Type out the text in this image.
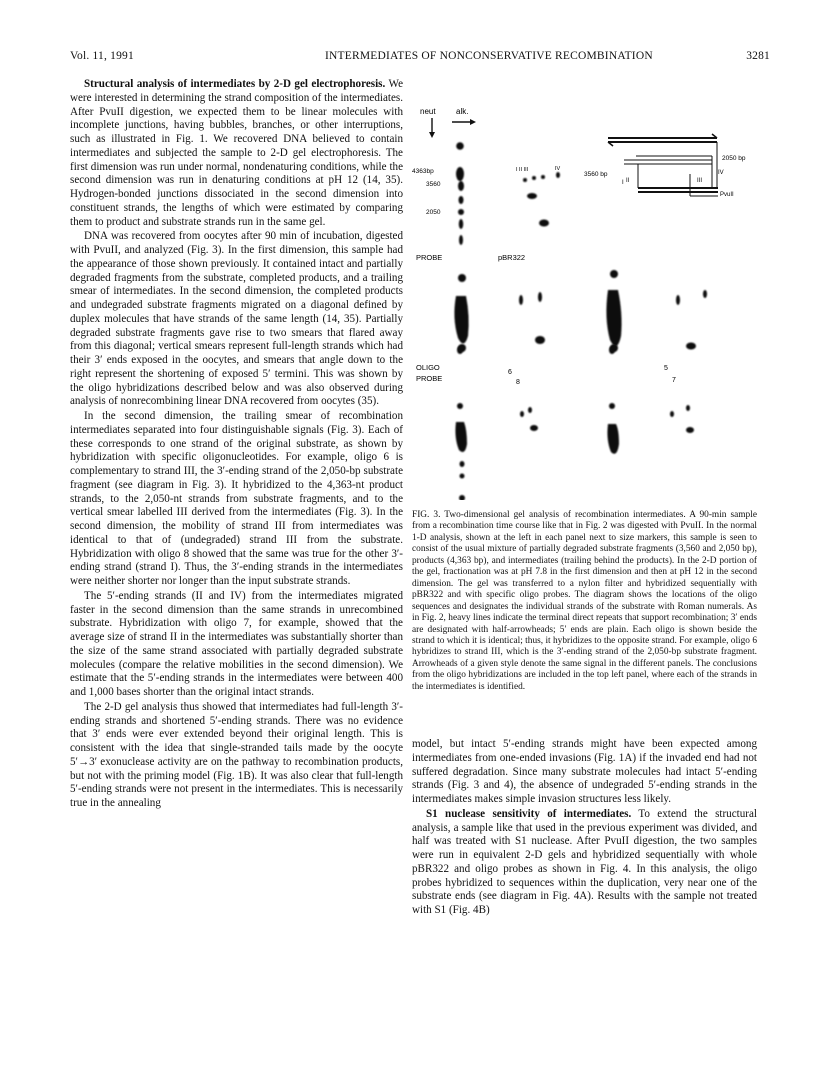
Vol. 11, 1991	INTERMEDIATES OF NONCONSERVATIVE RECOMBINATION	3281

Structural analysis of intermediates by 2-D gel electrophoresis. We were interested in determining the strand composition of the intermediates. After PvuII digestion, we expected them to be linear molecules with incomplete junctions, having bubbles, branches, or other interruptions, such as illustrated in Fig. 1. We recovered DNA believed to contain intermediates and subjected the sample to 2-D gel electrophoresis. The first dimension was run under normal, nondenaturing conditions, while the second dimension was run in denaturing conditions at pH 12 (14, 35). Hydrogen-bonded junctions dissociated in the second dimension into constituent strands, the lengths of which were estimated by comparing them to product and substrate strands run in the same gel.

DNA was recovered from oocytes after 90 min of incubation, digested with PvuII, and analyzed (Fig. 3). In the first dimension, this sample had the appearance of those shown previously. It contained intact and partially degraded fragments from the substrate, completed products, and a trailing smear of intermediates. In the second dimension, the completed products and undegraded substrate fragments migrated on a diagonal defined by duplex molecules that have strands of the same length (14, 35). Partially degraded substrate fragments gave rise to two smears that flared away from this diagonal; vertical smears represent full-length strands which had their 3′ ends exposed in the oocytes, and smears that angle down to the right represent the shortening of exposed 5′ termini. This was shown by the oligo hybridizations described below and was also observed during analysis of nonrecombining linear DNA recovered from oocytes (35).

In the second dimension, the trailing smear of recombination intermediates separated into four distinguishable signals (Fig. 3). Each of these corresponds to one strand of the original substrate, as shown by hybridization with specific oligonucleotides. For example, oligo 6 is complementary to strand III, the 3′-ending strand of the 2,050-bp substrate fragment (see diagram in Fig. 3). It hybridized to the 4,363-nt product strands, to the 2,050-nt strands from substrate fragments, and to the vertical smear labelled III derived from the intermediates (Fig. 3). In the second dimension, the mobility of strand III from intermediates was identical to that of (undegraded) strand III from the substrate. Hybridization with oligo 8 showed that the same was true for the other 3′-ending strand (strand I). Thus, the 3′-ending strands in the intermediates were neither shorter nor longer than the input substrate strands.

The 5′-ending strands (II and IV) from the intermediates migrated faster in the second dimension than the same strands in unrecombined substrate. Hybridization with oligo 7, for example, showed that the average size of strand II in the intermediates was substantially shorter than the size of the same strand associated with partially degraded substrate molecules (compare the relative mobilities in the second dimension). We estimate that the 5′-ending strands in the intermediates were between 400 and 1,000 bases shorter than the original intact strands.

The 2-D gel analysis thus showed that intermediates had full-length 3′-ending strands and shortened 5′-ending strands. There was no evidence that 3′ ends were ever extended beyond their original length. This is consistent with the idea that single-stranded tails made by the oocyte 5′→3′ exonuclease activity are on the pathway to recombination products, but not with the priming model (Fig. 1B). It was also clear that full-length 5′-ending strands were not present in the intermediates. This is necessarily true in the annealing

alk.
neut
4363bp
3560
2050
I II III	IV
2050 bp
3560 bp
III
IV
I II
PvuII
PROBE	pBR322
OLIGO
PROBE
6
8
5
7
FIG. 3. Two-dimensional gel analysis of recombination intermediates. A 90-min sample from a recombination time course like that in Fig. 2 was digested with PvuII. In the normal 1-D analysis, shown at the left in each panel next to size markers, this sample is seen to consist of the usual mixture of partially degraded substrate fragments (3,560 and 2,050 bp), products (4,363 bp), and intermediates (trailing behind the products). In the 2-D portion of the gel, fractionation was at pH 7.8 in the first dimension and then at pH 12 in the second dimension. The gel was transferred to a nylon filter and hybridized sequentially with pBR322 and with specific oligo probes. The diagram shows the locations of the oligo sequences and designates the individual strands of the substrate with Roman numerals. As in Fig. 2, heavy lines indicate the terminal direct repeats that support recombination; 3′ ends are designated with half-arrowheads; 5′ ends are plain. Each oligo is shown beside the strand to which it is identical; thus, it hybridizes to the opposite strand. For example, oligo 6 hybridizes to strand III, which is the 3′-ending strand of the 2,050-bp substrate fragment. Arrowheads of a given style denote the same signal in the different panels. The conclusions from the oligo hybridizations are included in the top left panel, where each of the strands in the intermediates is identified.

model, but intact 5′-ending strands might have been expected among intermediates from one-ended invasions (Fig. 1A) if the invaded end had not suffered degradation. Since many substrate molecules had intact 5′-ending strands (Fig. 3 and 4), the absence of undegraded 5′-ending strands in the intermediates makes simple invasion structures less likely.

S1 nuclease sensitivity of intermediates. To extend the structural analysis, a sample like that used in the previous experiment was divided, and half was treated with S1 nuclease. After PvuII digestion, the two samples were run in equivalent 2-D gels and hybridized sequentially with whole pBR322 and oligo probes as shown in Fig. 4. In this analysis, the oligo probes hybridized to sequences within the duplication, very near one of the substrate ends (see diagram in Fig. 4A). Results with the sample not treated with S1 (Fig. 4B)
